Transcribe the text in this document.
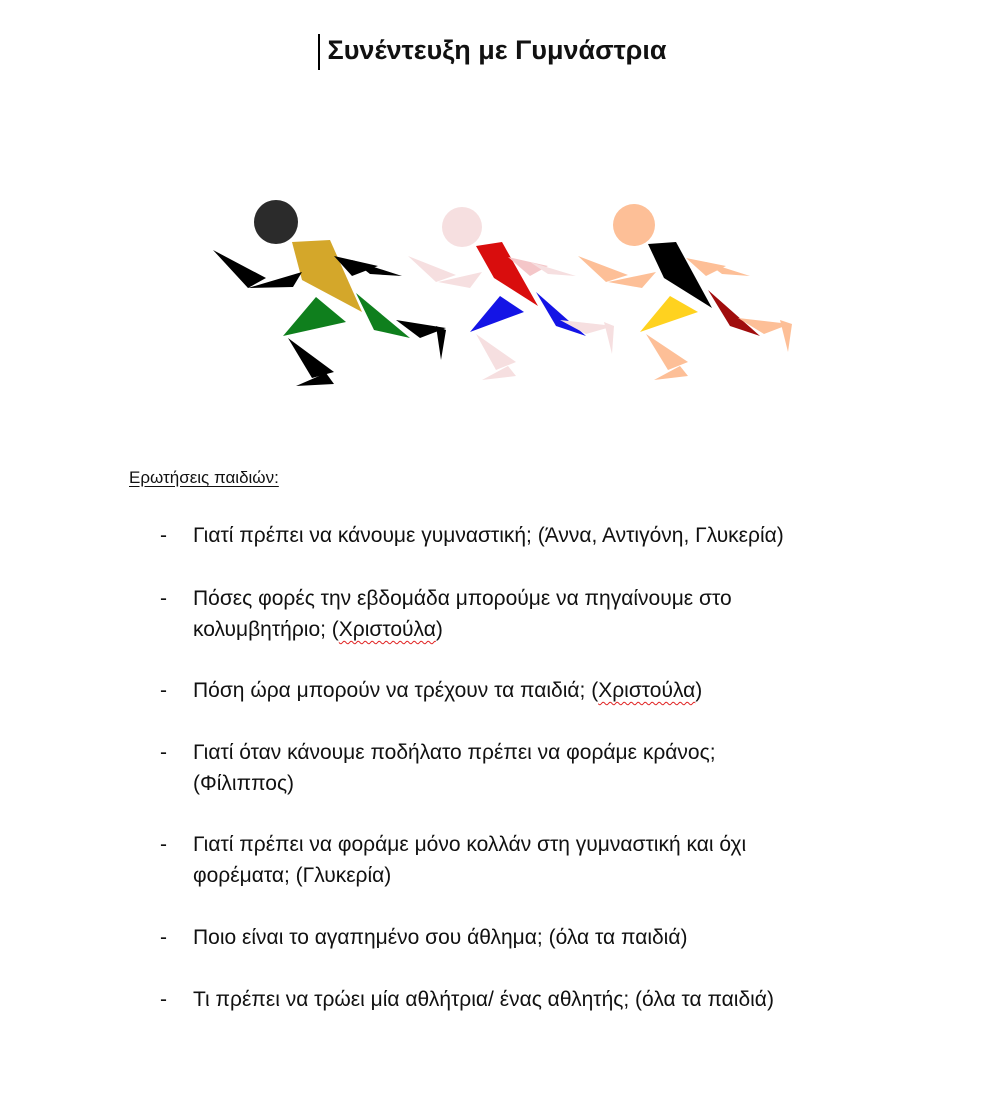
Συνέντευξη με Γυμνάστρια

Ερωτήσεις παιδιών:

- Γιατί πρέπει να κάνουμε γυμναστική; (Άννα, Αντιγόνη, Γλυκερία)
- Πόσες φορές την εβδομάδα μπορούμε να πηγαίνουμε στο
κολυμβητήριο; (Χριστούλα)
- Πόση ώρα μπορούν να τρέχουν τα παιδιά; (Χριστούλα)
- Γιατί όταν κάνουμε ποδήλατο πρέπει να φοράμε κράνος;
(Φίλιππος)
- Γιατί πρέπει να φοράμε μόνο κολλάν στη γυμναστική και όχι
φορέματα; (Γλυκερία)
- Ποιο είναι το αγαπημένο σου άθλημα; (όλα τα παιδιά)
- Τι πρέπει να τρώει μία αθλήτρια/ ένας αθλητής; (όλα τα παιδιά)
